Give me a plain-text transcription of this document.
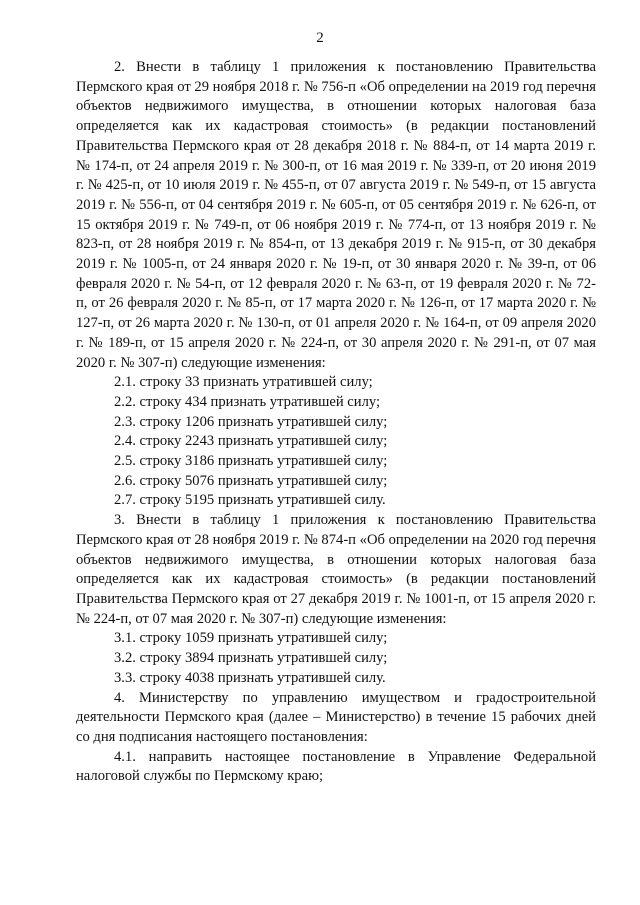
2

2. Внести в таблицу 1 приложения к постановлению Правительства Пермского края от 29 ноября 2018 г. № 756-п «Об определении на 2019 год перечня объектов недвижимого имущества, в отношении которых налоговая база определяется как их кадастровая стоимость» (в редакции постановлений Правительства Пермского края от 28 декабря 2018 г. № 884-п, от 14 марта 2019 г. № 174-п, от 24 апреля 2019 г. № 300-п, от 16 мая 2019 г. № 339-п, от 20 июня 2019 г. № 425-п, от 10 июля 2019 г. № 455-п, от 07 августа 2019 г. № 549-п, от 15 августа 2019 г. № 556-п, от 04 сентября 2019 г. № 605-п, от 05 сентября 2019 г. № 626-п, от 15 октября 2019 г. № 749-п, от 06 ноября 2019 г. № 774-п, от 13 ноября 2019 г. № 823-п, от 28 ноября 2019 г. № 854-п, от 13 декабря 2019 г. № 915-п, от 30 декабря 2019 г. № 1005-п, от 24 января 2020 г. № 19-п, от 30 января 2020 г. № 39-п, от 06 февраля 2020 г. № 54-п, от 12 февраля 2020 г. № 63-п, от 19 февраля 2020 г. № 72-п, от 26 февраля 2020 г. № 85-п, от 17 марта 2020 г. № 126-п, от 17 марта 2020 г. № 127-п, от 26 марта 2020 г. № 130-п, от 01 апреля 2020 г. № 164-п, от 09 апреля 2020 г. № 189-п, от 15 апреля 2020 г. № 224-п, от 30 апреля 2020 г. № 291-п, от 07 мая 2020 г. № 307-п) следующие изменения:

2.1. строку 33 признать утратившей силу;

2.2. строку 434 признать утратившей силу;

2.3. строку 1206 признать утратившей силу;

2.4. строку 2243 признать утратившей силу;

2.5. строку 3186 признать утратившей силу;

2.6. строку 5076 признать утратившей силу;

2.7. строку 5195 признать утратившей силу.

3. Внести в таблицу 1 приложения к постановлению Правительства Пермского края от 28 ноября 2019 г. № 874-п «Об определении на 2020 год перечня объектов недвижимого имущества, в отношении которых налоговая база определяется как их кадастровая стоимость» (в редакции постановлений Правительства Пермского края от 27 декабря 2019 г. № 1001-п, от 15 апреля 2020 г. № 224-п, от 07 мая 2020 г. № 307-п) следующие изменения:

3.1. строку 1059 признать утратившей силу;

3.2. строку 3894 признать утратившей силу;

3.3. строку 4038 признать утратившей силу.

4. Министерству по управлению имуществом и градостроительной деятельности Пермского края (далее – Министерство) в течение 15 рабочих дней со дня подписания настоящего постановления:

4.1. направить настоящее постановление в Управление Федеральной налоговой службы по Пермскому краю;
